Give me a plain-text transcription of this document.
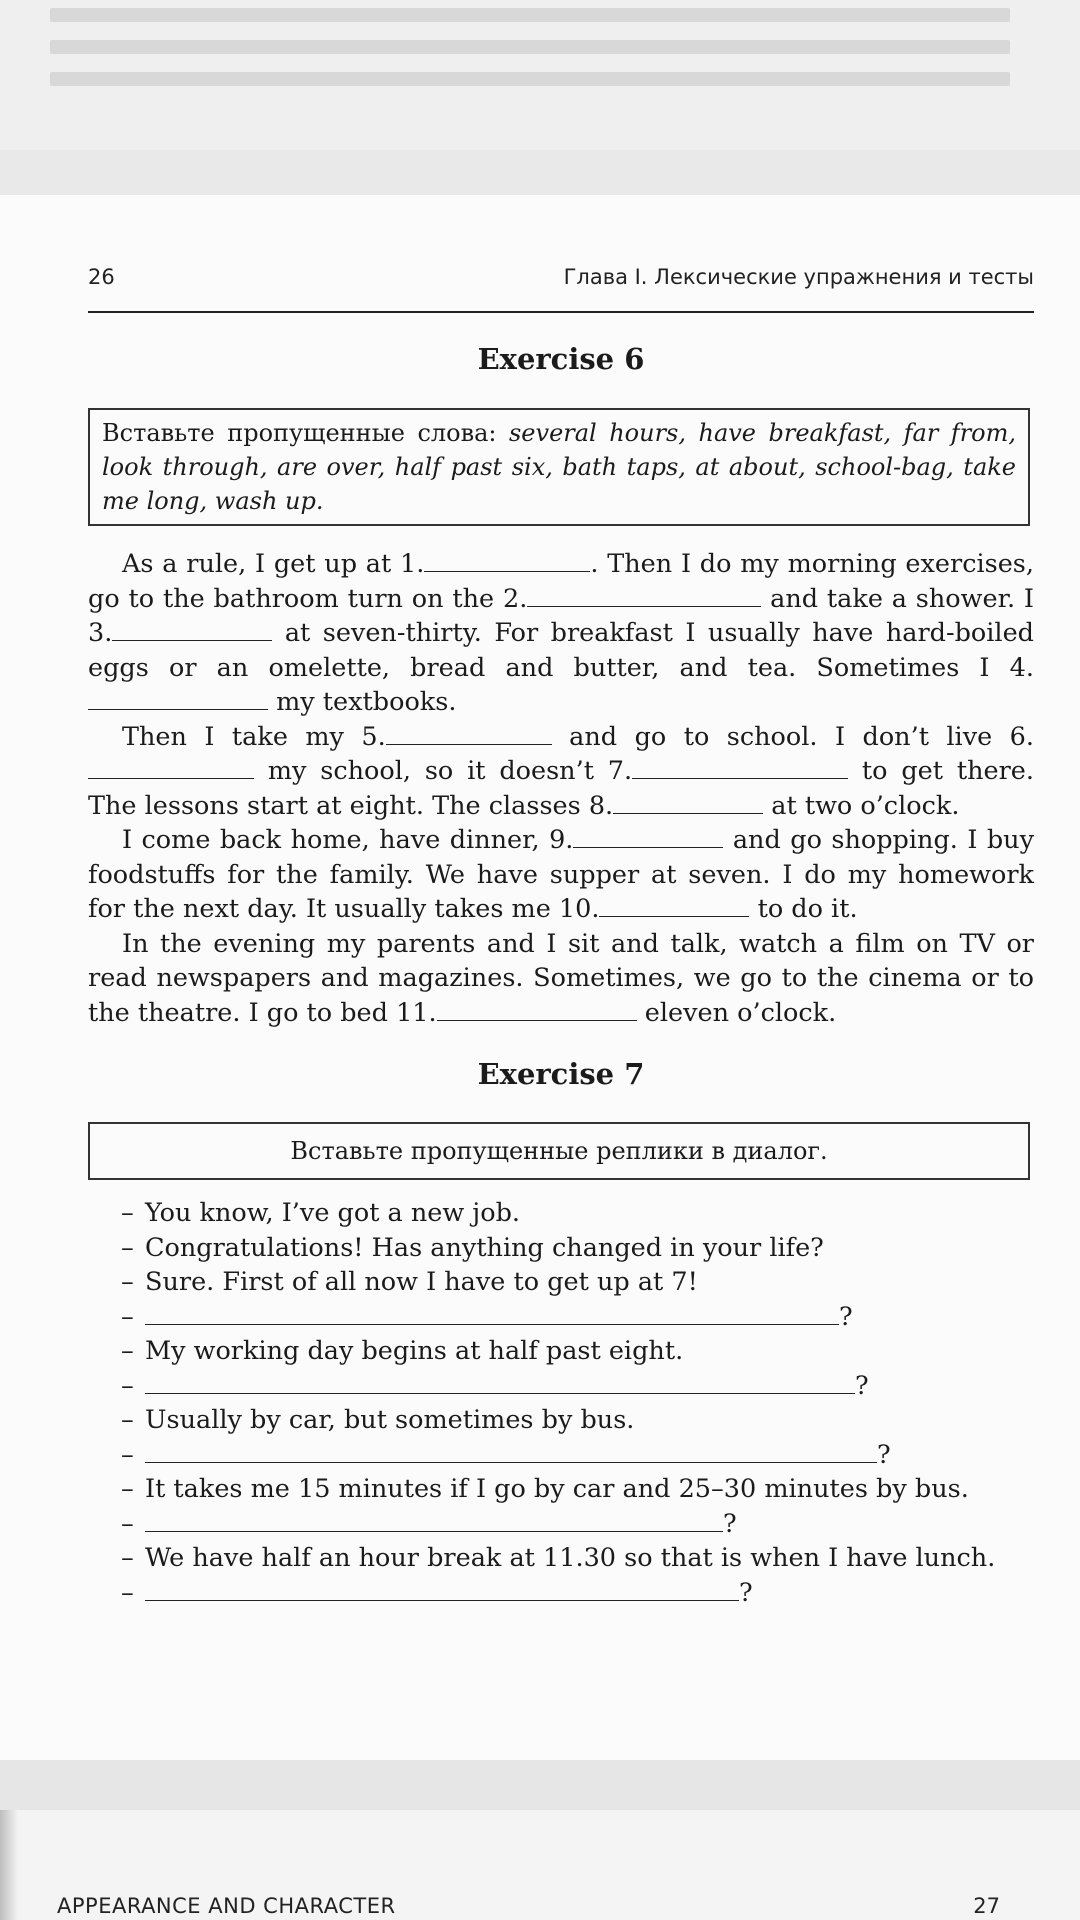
26	Глава I. Лексические упражнения и тесты
Exercise 6
Вставьте пропущенные слова: several hours, have breakfast, far from, look through, are over, half past six, bath taps, at about, school-bag, take me long, wash up.

As a rule, I get up at 1.	. Then I do my morning exercises, go to the bathroom turn on the 2.	and take a shower. I 3.	at seven-thirty. For breakfast I usually have hard-boiled eggs or an omelette, bread and butter, and tea. Sometimes I 4. my textbooks.

Then I take my 5.	and go to school. I don’t live 6. my school, so it doesn’t 7.	to get there. The lessons start at eight. The classes 8.	at two o’clock.

I come back home, have dinner, 9.	and go shopping. I buy foodstuffs for the family. We have supper at seven. I do my homework for the next day. It usually takes me 10.	to do it.

In the evening my parents and I sit and talk, watch a film on TV or read newspapers and magazines. Sometimes, we go to the cinema or to the theatre. I go to bed 11.	eleven o’clock.

Exercise 7
Вставьте пропущенные реплики в диалог.
– You know, I’ve got a new job.
– Congratulations! Has anything changed in your life?
– Sure. First of all now I have to get up at 7!
–	?
– My working day begins at half past eight.
–	?
– Usually by car, but sometimes by bus.
–	?
– It takes me 15 minutes if I go by car and 25–30 minutes by bus.
–	?
– We have half an hour break at 11.30 so that is when I have lunch.
–	?
APPEARANCE AND CHARACTER	27
